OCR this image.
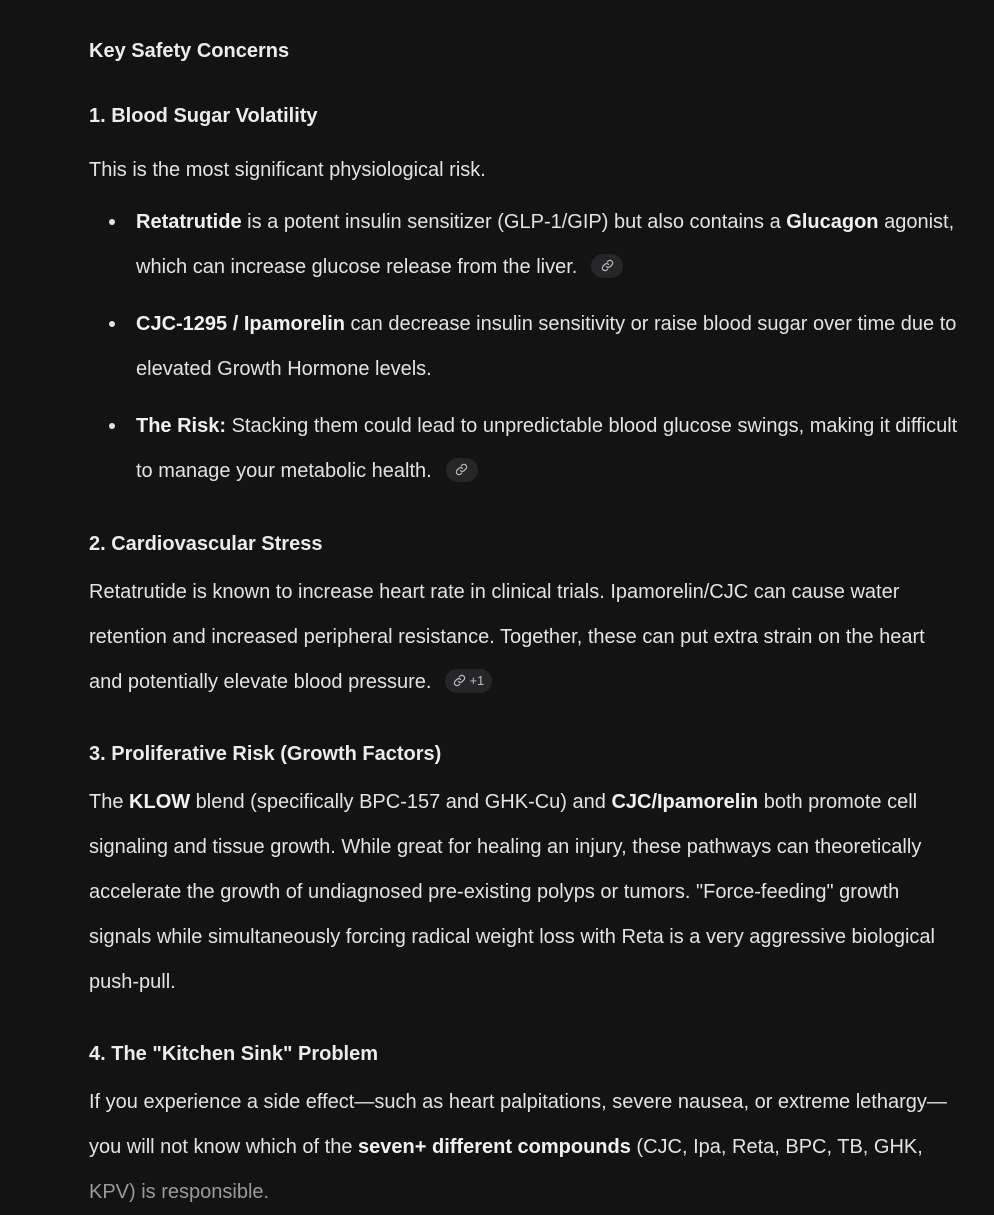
Key Safety Concerns
1. Blood Sugar Volatility

This is the most significant physiological risk.

Retatrutide is a potent insulin sensitizer (GLP-1/GIP) but also contains a Glucagon agonist, which can increase glucose release from the liver.
CJC-1295 / Ipamorelin can decrease insulin sensitivity or raise blood sugar over time due to elevated Growth Hormone levels.
The Risk: Stacking them could lead to unpredictable blood glucose swings, making it difficult to manage your metabolic health.
2. Cardiovascular Stress

Retatrutide is known to increase heart rate in clinical trials. Ipamorelin/CJC can cause water retention and increased peripheral resistance. Together, these can put extra strain on the heart and potentially elevate blood pressure.	+1

3. Proliferative Risk (Growth Factors)

The KLOW blend (specifically BPC-157 and GHK-Cu) and CJC/Ipamorelin both promote cell signaling and tissue growth. While great for healing an injury, these pathways can theoretically accelerate the growth of undiagnosed pre-existing polyps or tumors. "Force-feeding" growth signals while simultaneously forcing radical weight loss with Reta is a very aggressive biological push-pull.

4. The "Kitchen Sink" Problem

If you experience a side effect—such as heart palpitations, severe nausea, or extreme lethargy—you will not know which of the seven+ different compounds (CJC, Ipa, Reta, BPC, TB, GHK, KPV) is responsible.
